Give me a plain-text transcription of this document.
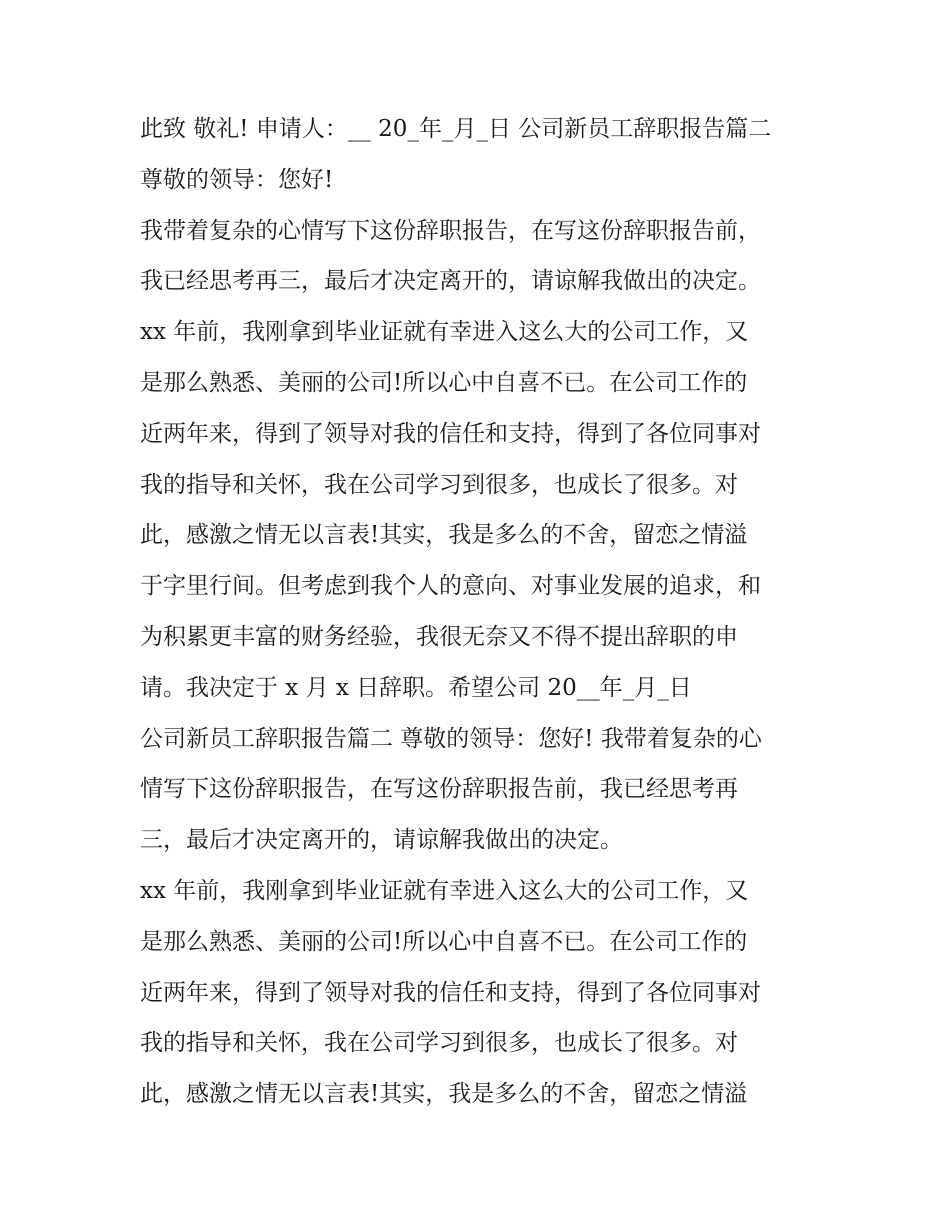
此致 敬礼! 申请人：__ 20_年_月_日 公司新员工辞职报告篇二
尊敬的领导：您好!
我带着复杂的心情写下这份辞职报告，在写这份辞职报告前，
我已经思考再三，最后才决定离开的，请谅解我做出的决定。
xx 年前，我刚拿到毕业证就有幸进入这么大的公司工作，又
是那么熟悉、美丽的公司!所以心中自喜不已。在公司工作的
近两年来，得到了领导对我的信任和支持，得到了各位同事对
我的指导和关怀，我在公司学习到很多，也成长了很多。对
此，感激之情无以言表!其实，我是多么的不舍，留恋之情溢
于字里行间。但考虑到我个人的意向、对事业发展的追求，和
为积累更丰富的财务经验，我很无奈又不得不提出辞职的申
请。我决定于 x 月 x 日辞职。希望公司 20__年_月_日
公司新员工辞职报告篇二 尊敬的领导：您好! 我带着复杂的心
情写下这份辞职报告，在写这份辞职报告前，我已经思考再
三，最后才决定离开的，请谅解我做出的决定。
xx 年前，我刚拿到毕业证就有幸进入这么大的公司工作，又
是那么熟悉、美丽的公司!所以心中自喜不已。在公司工作的
近两年来，得到了领导对我的信任和支持，得到了各位同事对
我的指导和关怀，我在公司学习到很多，也成长了很多。对
此，感激之情无以言表!其实，我是多么的不舍，留恋之情溢
